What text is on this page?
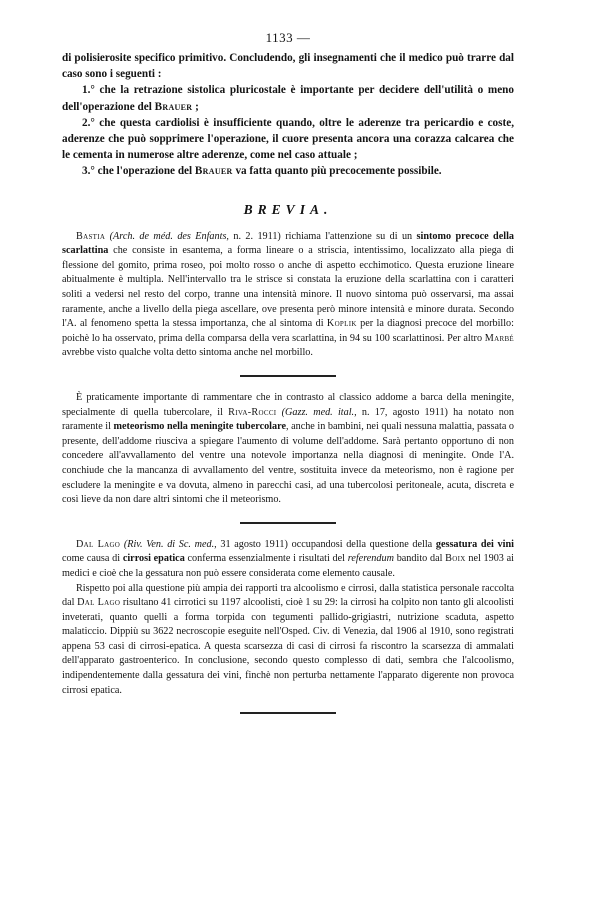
1133 —

di polisierosite specifico primitivo. Concludendo, gli insegnamenti che il medico può trarre dal caso sono i seguenti :

1.° che la retrazione sistolica pluricostale è importante per decidere dell'utilità o meno dell'operazione del Brauer ;

2.° che questa cardiolisi è insufficiente quando, oltre le aderenze tra pericardio e coste, aderenze che può sopprimere l'operazione, il cuore presenta ancora una corazza calcarea che le cementa in numerose altre aderenze, come nel caso attuale ;

3.° che l'operazione del Brauer va fatta quanto più precocemente possibile.

BREVIA.

Bastia (Arch. de méd. des Enfants, n. 2. 1911) richiama l'attenzione su di un sintomo precoce della scarlattina che consiste in esantema, a forma lineare o a striscia, intentissimo, localizzato alla piega di flessione del gomito, prima roseo, poi molto rosso o anche di aspetto ecchimotico. Questa eruzione lineare abitualmente è multipla. Nell'intervallo tra le strisce si constata la eruzione della scarlattina con i caratteri soliti a vedersi nel resto del corpo, tranne una intensità minore. Il nuovo sintoma può osservarsi, ma assai raramente, anche a livello della piega ascellare, ove presenta però minore intensità e minore durata. Secondo l'A. al fenomeno spetta la stessa importanza, che al sintoma di Koplik per la diagnosi precoce del morbillo: poichè lo ha osservato, prima della comparsa della vera scarlattina, in 94 su 100 scarlattinosi. Per altro Marbé avrebbe visto qualche volta detto sintoma anche nel morbillo.

È praticamente importante di rammentare che in contrasto al classico addome a barca della meningite, specialmente di quella tubercolare, il Riva-Rocci (Gazz. med. ital., n. 17, agosto 1911) ha notato non raramente il meteorismo nella meningite tubercolare, anche in bambini, nei quali nessuna malattia, passata o presente, dell'addome riusciva a spiegare l'aumento di volume dell'addome. Sarà pertanto opportuno di non concedere all'avvallamento del ventre una notevole importanza nella diagnosi di meningite. Onde l'A. conchiude che la mancanza di avvallamento del ventre, sostituita invece da meteorismo, non è ragione per escludere la meningite e va dovuta, almeno in parecchi casi, ad una tubercolosi peritoneale, acuta, discreta e così lieve da non dare altri sintomi che il meteorismo.

Dal Lago (Riv. Ven. di Sc. med., 31 agosto 1911) occupandosi della questione della gessatura dei vini come causa di cirrosi epatica conferma essenzialmente i risultati del referendum bandito dal Boix nel 1903 ai medici e cioè che la gessatura non può essere considerata come elemento causale.

Rispetto poi alla questione più ampia dei rapporti tra alcoolismo e cirrosi, dalla statistica personale raccolta dal Dal Lago risultano 41 cirrotici su 1197 alcoolisti, cioè 1 su 29: la cirrosi ha colpito non tanto gli alcoolisti inveterati, quanto quelli a forma torpida con tegumenti pallido-grigiastri, nutrizione scaduta, aspetto malaticcio. Dippiù su 3622 necroscopie eseguite nell'Osped. Civ. di Venezia, dal 1906 al 1910, sono registrati appena 53 casi di cirrosi-epatica. A questa scarsezza di casi di cirrosi fa riscontro la scarsezza di ammalati dell'apparato gastroenterico. In conclusione, secondo questo complesso di dati, sembra che l'alcoolismo, indipendentemente dalla gessatura dei vini, finchè non perturba nettamente l'apparato digerente non provoca cirrosi epatica.
